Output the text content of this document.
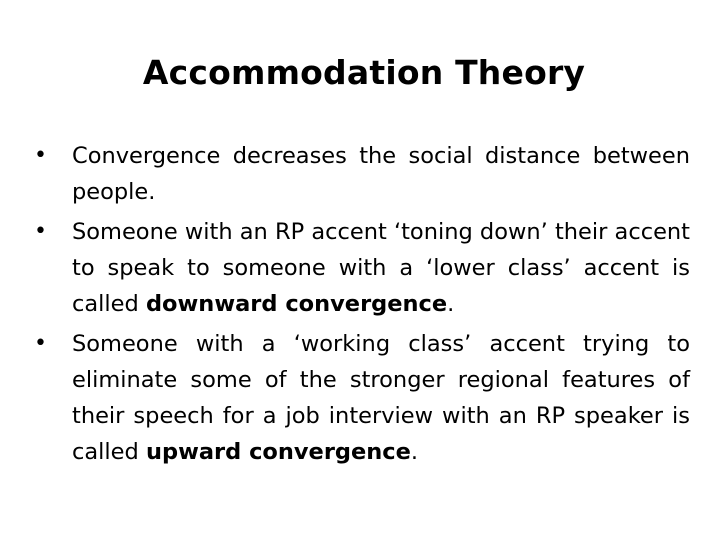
Accommodation Theory
•	Convergence decreases the social distance between people.
•	Someone with an RP accent ‘toning down’ their accent to speak to someone with a ‘lower class’ accent is called downward convergence.
•	Someone with a ‘working class’ accent trying to eliminate some of the stronger regional features of their speech for a job interview with an RP speaker is called upward convergence.
